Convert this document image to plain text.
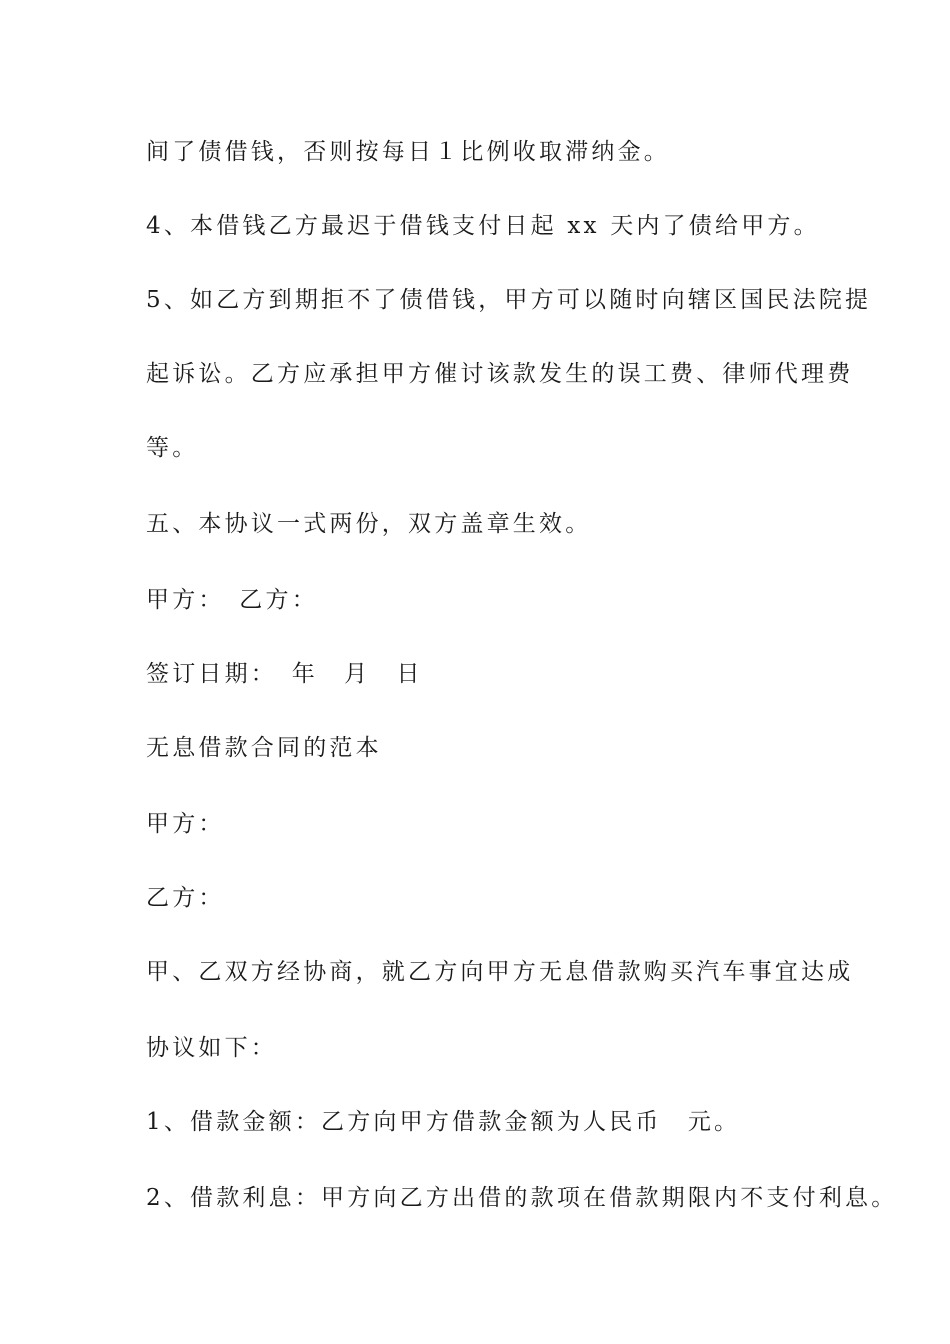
间了债借钱，否则按每日１比例收取滞纳金。
4、本借钱乙方最迟于借钱支付日起 xx 天内了债给甲方。
5、如乙方到期拒不了债借钱，甲方可以随时向辖区国民法院提
起诉讼。乙方应承担甲方催讨该款发生的误工费、律师代理费
等。
五、本协议一式两份，双方盖章生效。
甲方：　乙方：
签订日期：　年　月　日
无息借款合同的范本
甲方：
乙方：
甲、乙双方经协商，就乙方向甲方无息借款购买汽车事宜达成
协议如下：
1、借款金额：乙方向甲方借款金额为人民币　元。
2、借款利息：甲方向乙方出借的款项在借款期限内不支付利息。
